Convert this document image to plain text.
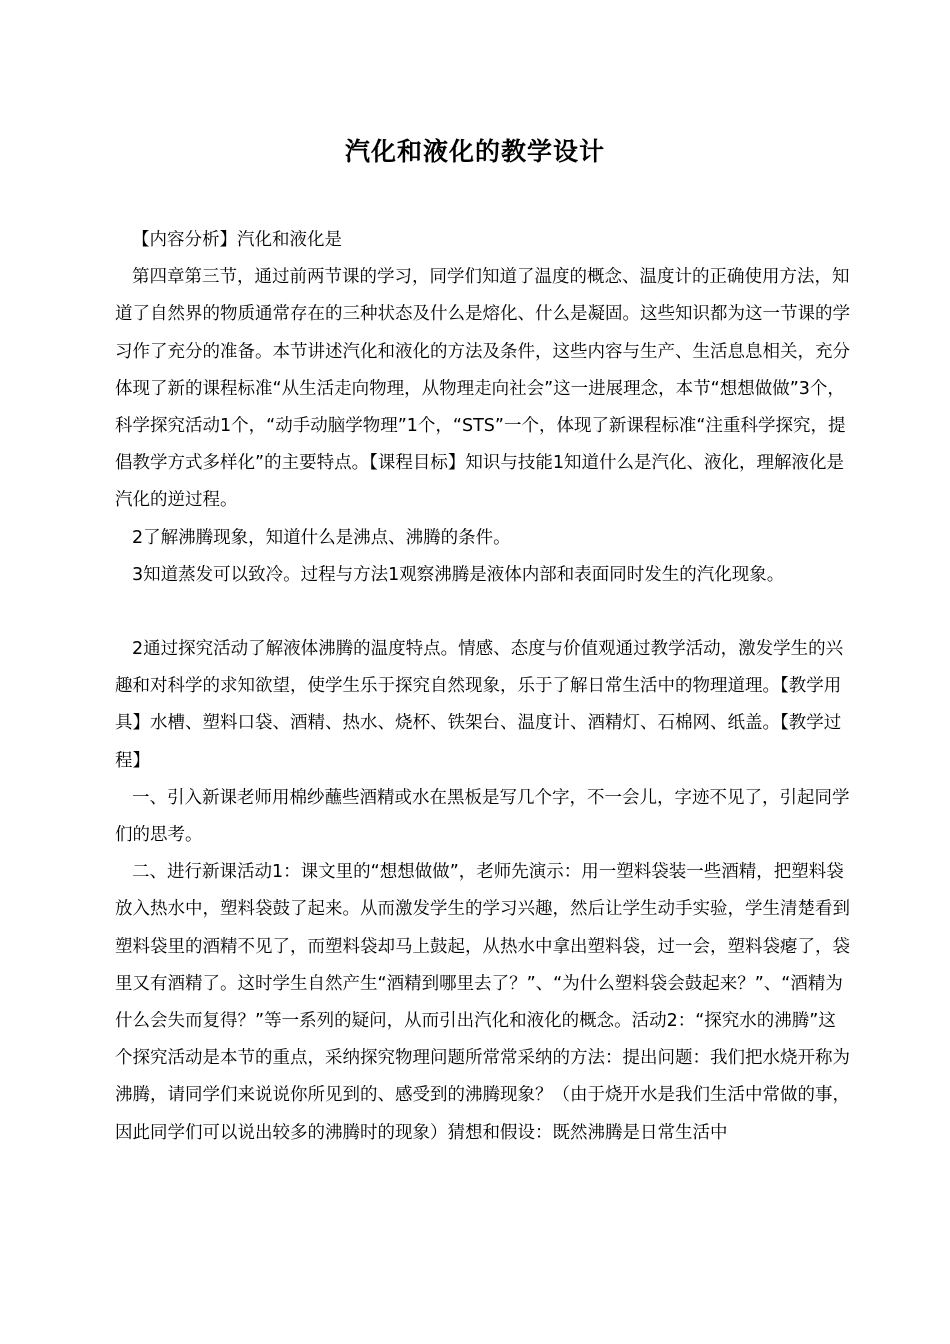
汽化和液化的教学设计

【内容分析】汽化和液化是

第四章第三节，通过前两节课的学习，同学们知道了温度的概念、温度计的正确使用方法，知道了自然界的物质通常存在的三种状态及什么是熔化、什么是凝固。这些知识都为这一节课的学习作了充分的准备。本节讲述汽化和液化的方法及条件，这些内容与生产、生活息息相关，充分体现了新的课程标准“从生活走向物理，从物理走向社会”这一进展理念，本节“想想做做”3个，科学探究活动1个，“动手动脑学物理”1个，“STS”一个，体现了新课程标准“注重科学探究，提倡教学方式多样化”的主要特点。【课程目标】知识与技能1知道什么是汽化、液化，理解液化是汽化的逆过程。

2了解沸腾现象，知道什么是沸点、沸腾的条件。

3知道蒸发可以致冷。过程与方法1观察沸腾是液体内部和表面同时发生的汽化现象。

2通过探究活动了解液体沸腾的温度特点。情感、态度与价值观通过教学活动，激发学生的兴趣和对科学的求知欲望，使学生乐于探究自然现象，乐于了解日常生活中的物理道理。【教学用具】水槽、塑料口袋、酒精、热水、烧杯、铁架台、温度计、酒精灯、石棉网、纸盖。【教学过程】

一、引入新课老师用棉纱蘸些酒精或水在黑板是写几个字，不一会儿，字迹不见了，引起同学们的思考。

二、进行新课活动1：课文里的“想想做做”，老师先演示：用一塑料袋装一些酒精，把塑料袋放入热水中，塑料袋鼓了起来。从而激发学生的学习兴趣，然后让学生动手实验，学生清楚看到塑料袋里的酒精不见了，而塑料袋却马上鼓起，从热水中拿出塑料袋，过一会，塑料袋瘪了，袋里又有酒精了。这时学生自然产生“酒精到哪里去了？”、“为什么塑料袋会鼓起来？”、“酒精为什么会失而复得？”等一系列的疑问，从而引出汽化和液化的概念。活动2：“探究水的沸腾”这个探究活动是本节的重点，采纳探究物理问题所常常采纳的方法：提出问题：我们把水烧开称为沸腾，请同学们来说说你所见到的、感受到的沸腾现象？（由于烧开水是我们生活中常做的事，因此同学们可以说出较多的沸腾时的现象）猜想和假设：既然沸腾是日常生活中
